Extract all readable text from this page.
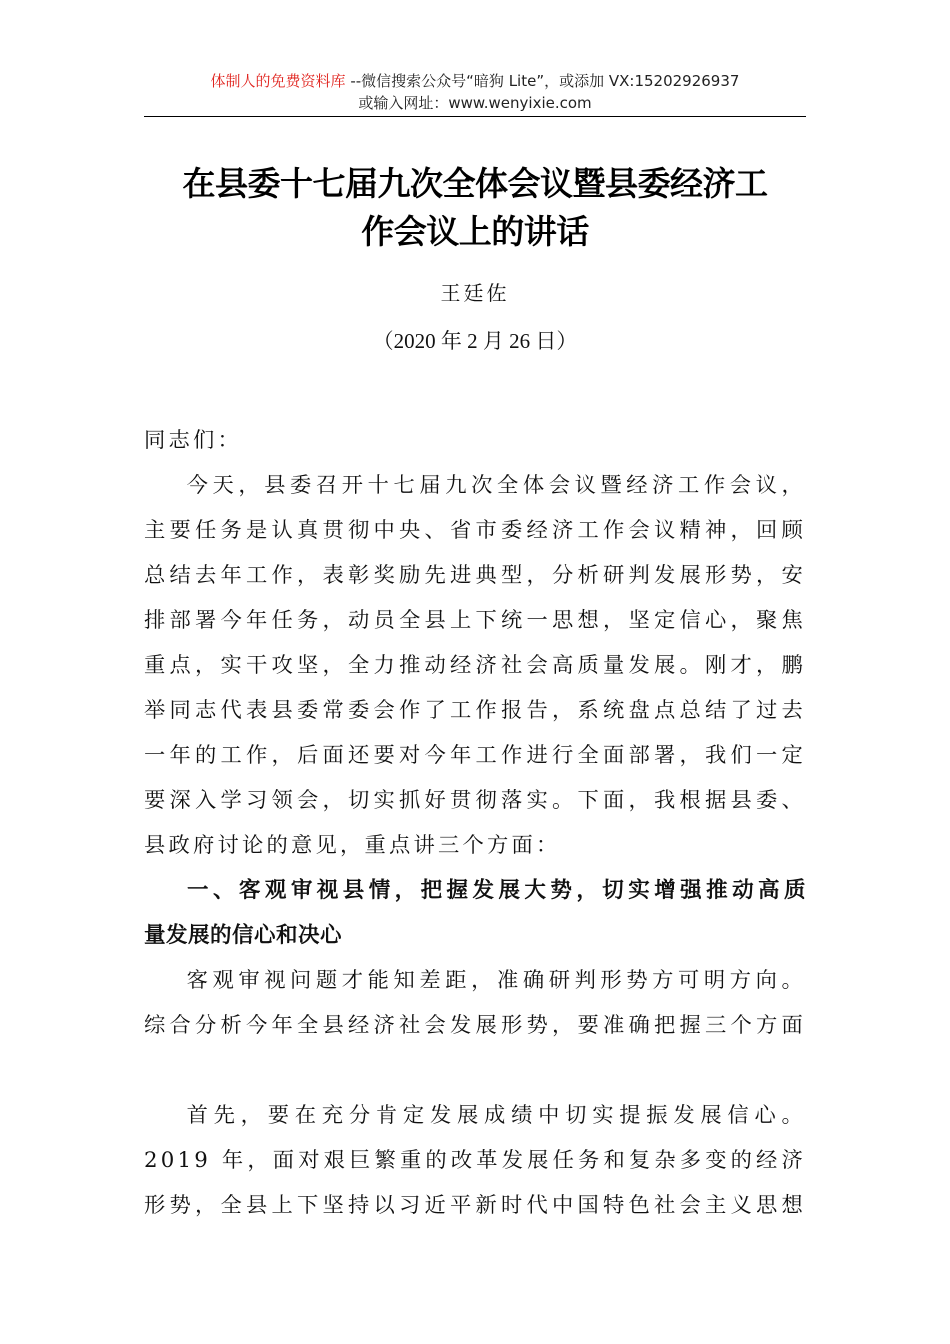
体制人的免费资料库 --微信搜索公众号“暗狗 Lite”，或添加 VX:15202926937
或输入网址：www.wenyixie.com
在县委十七届九次全体会议暨县委经济工
作会议上的讲话
王廷佐
（2020 年 2 月 26 日）

同志们：

今天，县委召开十七届九次全体会议暨经济工作会议，

主要任务是认真贯彻中央、省市委经济工作会议精神，回顾

总结去年工作，表彰奖励先进典型，分析研判发展形势，安

排部署今年任务，动员全县上下统一思想，坚定信心，聚焦

重点，实干攻坚，全力推动经济社会高质量发展。刚才，鹏

举同志代表县委常委会作了工作报告，系统盘点总结了过去

一年的工作，后面还要对今年工作进行全面部署，我们一定

要深入学习领会，切实抓好贯彻落实。下面，我根据县委、

县政府讨论的意见，重点讲三个方面：

一、客观审视县情，把握发展大势，切实增强推动高质

量发展的信心和决心

客观审视问题才能知差距，准确研判形势方可明方向。

综合分析今年全县经济社会发展形势，要准确把握三个方面

首先，要在充分肯定发展成绩中切实提振发展信心。

2019 年，面对艰巨繁重的改革发展任务和复杂多变的经济

形势，全县上下坚持以习近平新时代中国特色社会主义思想
